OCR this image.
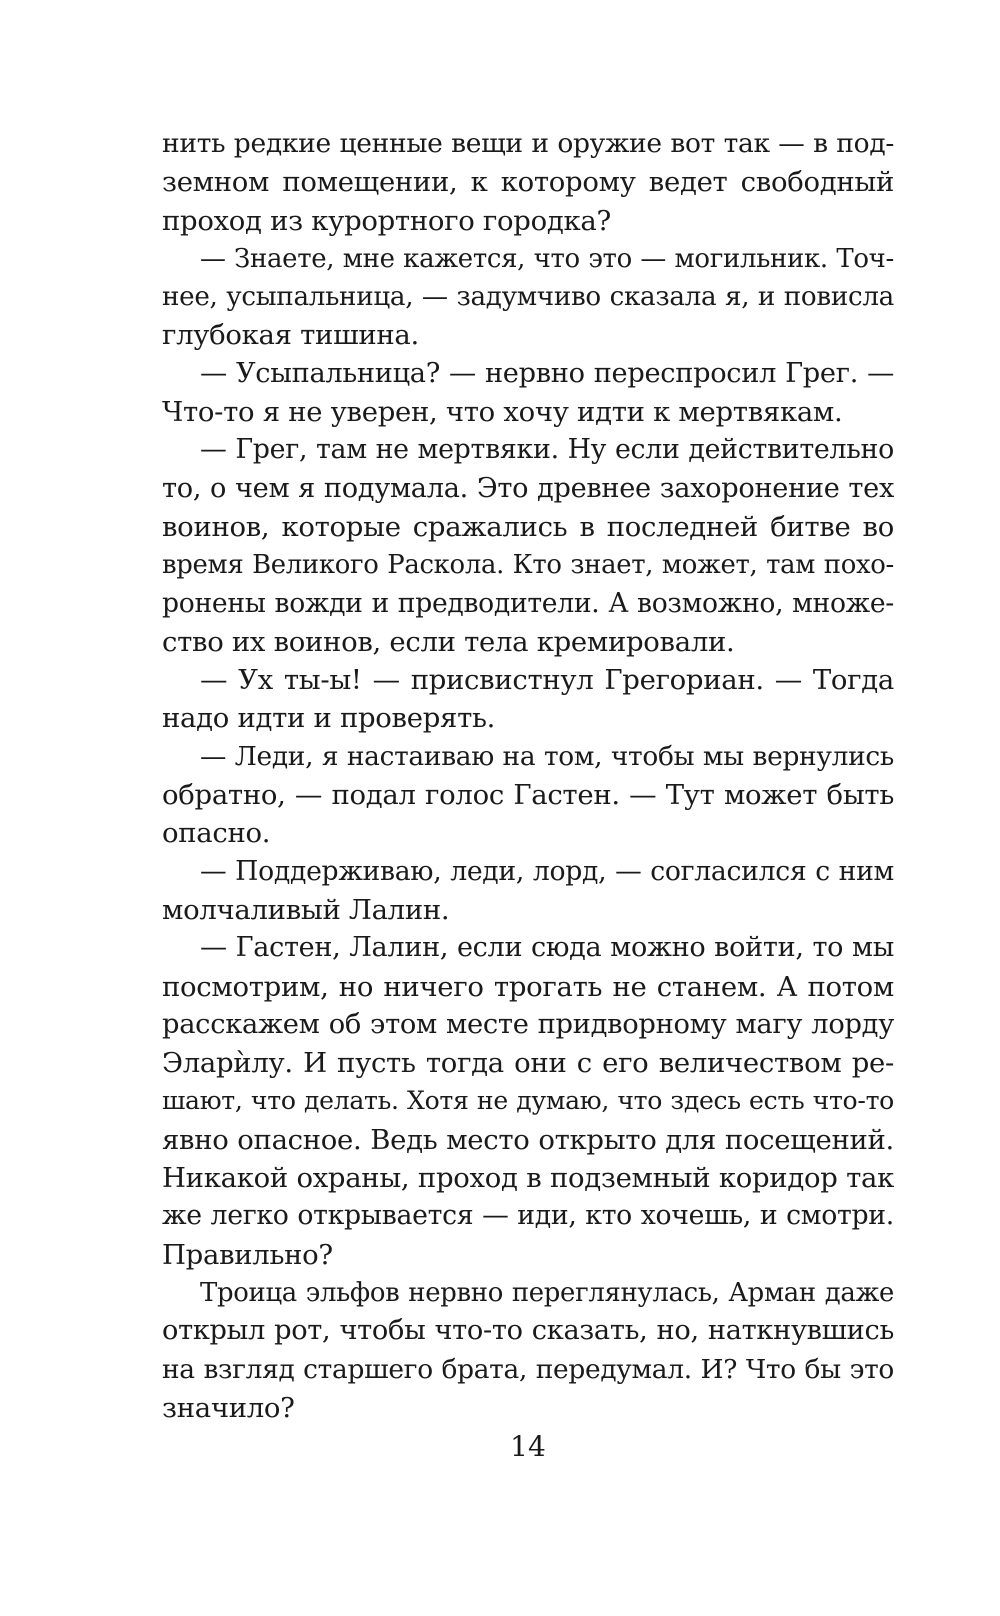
нить редкие ценные вещи и оружие вот так — в под-
земном помещении, к которому ведет свободный
проход из курортного городка?
— Знаете, мне кажется, что это — могильник. Точ-
нее, усыпальница, — задумчиво сказала я, и повисла
глубокая тишина.
— Усыпальница? — нервно переспросил Грег. —
Что-то я не уверен, что хочу идти к мертвякам.
— Грег, там не мертвяки. Ну если действительно
то, о чем я подумала. Это древнее захоронение тех
воинов, которые сражались в последней битве во
время Великого Раскола. Кто знает, может, там похо-
ронены вожди и предводители. А возможно, множе-
ство их воинов, если тела кремировали.
— Ух ты-ы! — присвистнул Грегориан. — Тогда
надо идти и проверять.
— Леди, я настаиваю на том, чтобы мы вернулись
обратно, — подал голос Гастен. — Тут может быть
опасно.
— Поддерживаю, леди, лорд, — согласился с ним
молчаливый Лалин.
— Гастен, Лалин, если сюда можно войти, то мы
посмотрим, но ничего трогать не станем. А потом
расскажем об этом месте придворному магу лорду
Эларѝлу. И пусть тогда они с его величеством ре-
шают, что делать. Хотя не думаю, что здесь есть что-то
явно опасное. Ведь место открыто для посещений.
Никакой охраны, проход в подземный коридор так
же легко открывается — иди, кто хочешь, и смотри.
Правильно?
Троица эльфов нервно переглянулась, Арман даже
открыл рот, чтобы что-то сказать, но, наткнувшись
на взгляд старшего брата, передумал. И? Что бы это
значило?
14
